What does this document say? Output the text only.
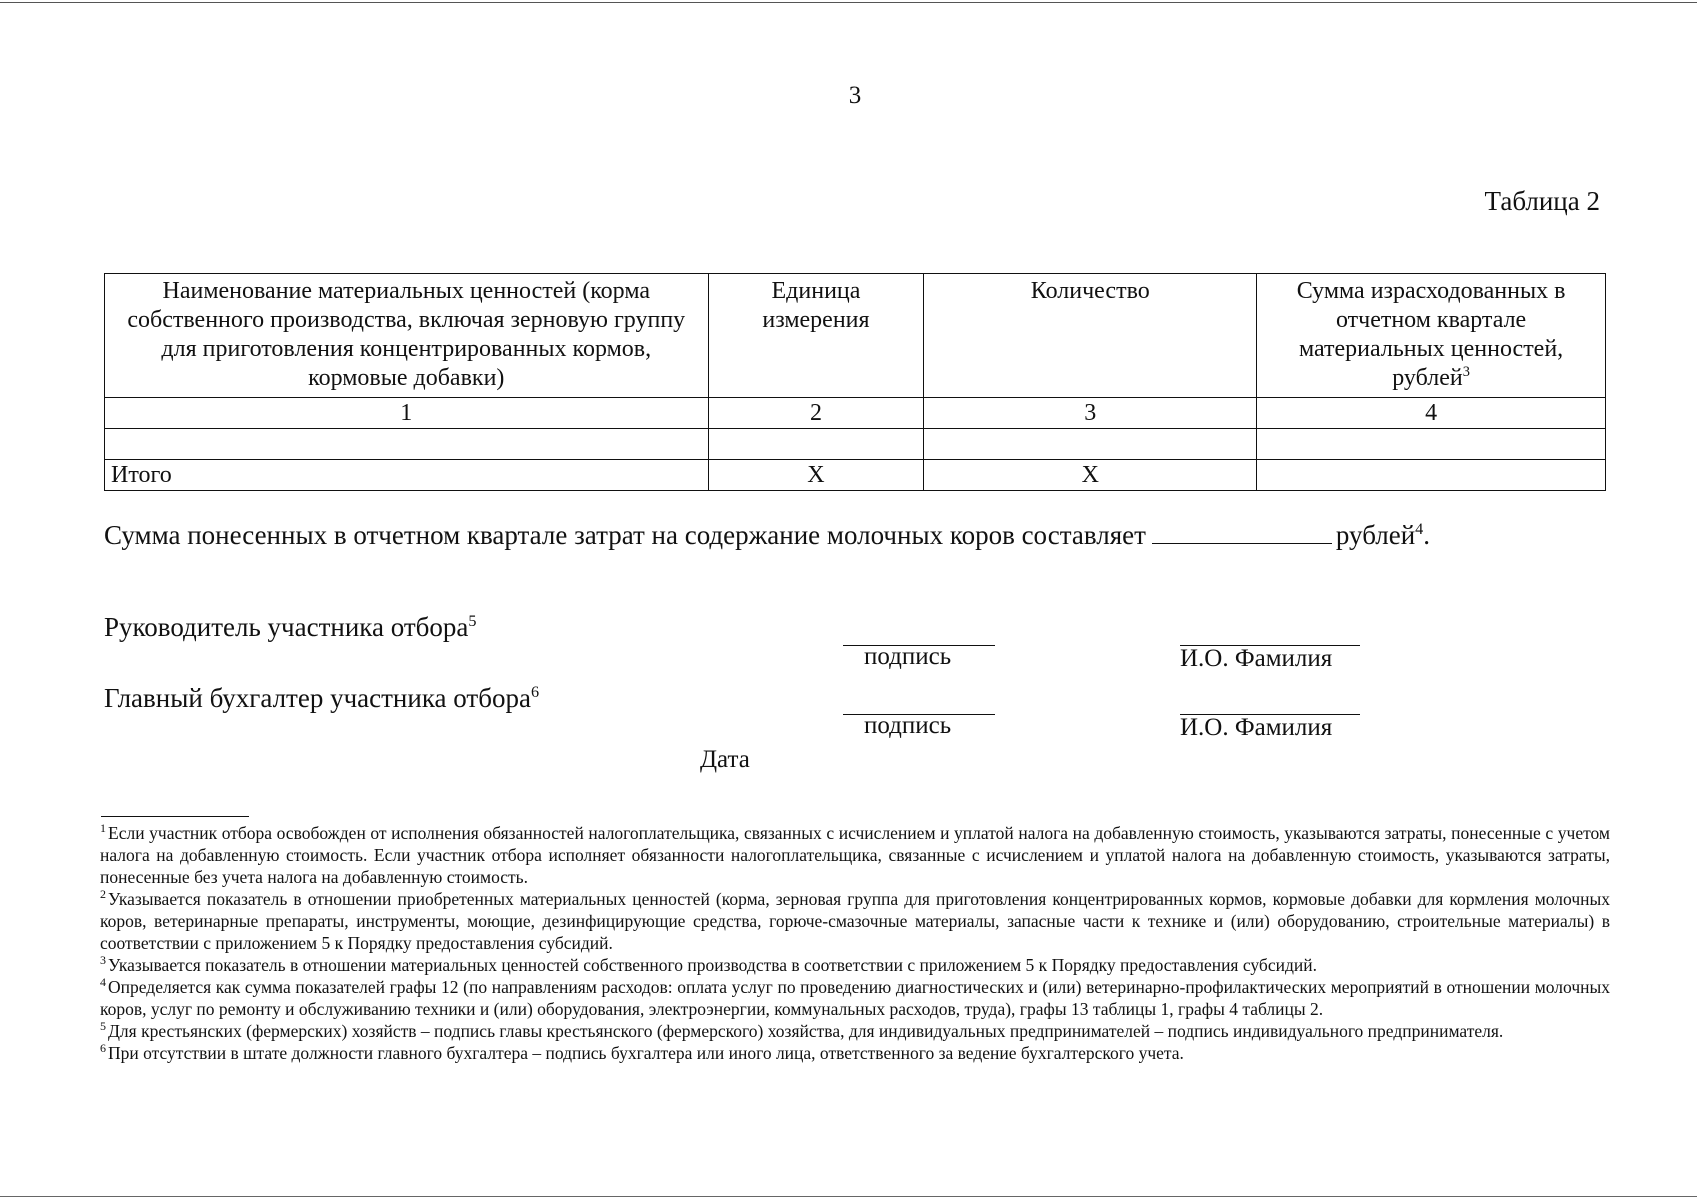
3
Таблица 2
Наименование материальных ценностей (корма собственного производства, включая зерновую группу для приготовления концентрированных кормов, кормовые добавки)	Единица измерения	Количество	Сумма израсходованных в отчетном квартале материальных ценностей, рублей$^3$
1	2	3	4

Итого	X	X	
Сумма понесенных в отчетном квартале затрат на содержание молочных коров составляет	рублей$^4$.
Руководитель участника отбора$^5$
подпись	И.О. Фамилия
Главный бухгалтер участника отбора$^6$
подпись	И.О. Фамилия
Дата

$^1$ Если участник отбора освобожден от исполнения обязанностей налогоплательщика, связанных с исчислением и уплатой налога на добавленную стоимость, указываются затраты, понесенные с учетом налога на добавленную стоимость. Если участник отбора исполняет обязанности налогоплательщика, связанные с исчислением и уплатой налога на добавленную стоимость, указываются затраты, понесенные без учета налога на добавленную стоимость.

$^2$ Указывается показатель в отношении приобретенных материальных ценностей (корма, зерновая группа для приготовления концентрированных кормов, кормовые добавки для кормления молочных коров, ветеринарные препараты, инструменты, моющие, дезинфицирующие средства, горюче-смазочные материалы, запасные части к технике и (или) оборудованию, строительные материалы) в соответствии с приложением 5 к Порядку предоставления субсидий.

$^3$ Указывается показатель в отношении материальных ценностей собственного производства в соответствии с приложением 5 к Порядку предоставления субсидий.

$^4$ Определяется как сумма показателей графы 12 (по направлениям расходов: оплата услуг по проведению диагностических и (или) ветеринарно-профилактических мероприятий в отношении молочных коров, услуг по ремонту и обслуживанию техники и (или) оборудования, электроэнергии, коммунальных расходов, труда), графы 13 таблицы 1, графы 4 таблицы 2.

$^5$ Для крестьянских (фермерских) хозяйств – подпись главы крестьянского (фермерского) хозяйства, для индивидуальных предпринимателей – подпись индивидуального предпринимателя.

$^6$ При отсутствии в штате должности главного бухгалтера – подпись бухгалтера или иного лица, ответственного за ведение бухгалтерского учета.
